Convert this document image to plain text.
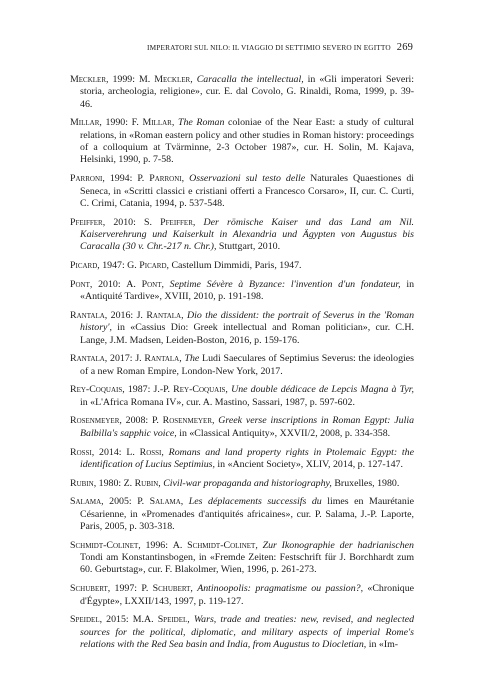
IMPERATORI SUL NILO: IL VIAGGIO DI SETTIMIO SEVERO IN EGITTO 269

Meckler, 1999: M. Meckler, Caracalla the intellectual, in «Gli imperatori Severi: storia, archeologia, religione», cur. E. dal Covolo, G. Rinaldi, Roma, 1999, p. 39-46.

Millar, 1990: F. Millar, The Roman coloniae of the Near East: a study of cultural relations, in «Roman eastern policy and other studies in Roman history: proceedings of a colloquium at Tvärminne, 2-3 October 1987», cur. H. Solin, M. Kajava, Helsinki, 1990, p. 7-58.

Parroni, 1994: P. Parroni, Osservazioni sul testo delle Naturales Quaestiones di Seneca, in «Scritti classici e cristiani offerti a Francesco Corsaro», II, cur. C. Curti, C. Crimi, Catania, 1994, p. 537-548.

Pfeiffer, 2010: S. Pfeiffer, Der römische Kaiser und das Land am Nil. Kaiserverehrung und Kaiserkult in Alexandria und Ägypten von Augustus bis Caracalla (30 v. Chr.-217 n. Chr.), Stuttgart, 2010.

Picard, 1947: G. Picard, Castellum Dimmidi, Paris, 1947.

Pont, 2010: A. Pont, Septime Sévère à Byzance: l'invention d'un fondateur, in «Antiquité Tardive», XVIII, 2010, p. 191-198.

Rantala, 2016: J. Rantala, Dio the dissident: the portrait of Severus in the 'Roman history', in «Cassius Dio: Greek intellectual and Roman politician», cur. C.H. Lange, J.M. Madsen, Leiden-Boston, 2016, p. 159-176.

Rantala, 2017: J. Rantala, The Ludi Saeculares of Septimius Severus: the ideologies of a new Roman Empire, London-New York, 2017.

Rey-Coquais, 1987: J.-P. Rey-Coquais, Une double dédicace de Lepcis Magna à Tyr, in «L'Africa Romana IV», cur. A. Mastino, Sassari, 1987, p. 597-602.

Rosenmeyer, 2008: P. Rosenmeyer, Greek verse inscriptions in Roman Egypt: Julia Balbilla's sapphic voice, in «Classical Antiquity», XXVII/2, 2008, p. 334-358.

Rossi, 2014: L. Rossi, Romans and land property rights in Ptolemaic Egypt: the identification of Lucius Septimius, in «Ancient Society», XLIV, 2014, p. 127-147.

Rubin, 1980: Z. Rubin, Civil-war propaganda and historiography, Bruxelles, 1980.

Salama, 2005: P. Salama, Les déplacements successifs du limes en Maurétanie Césarienne, in «Promenades d'antiquités africaines», cur. P. Salama, J.-P. Laporte, Paris, 2005, p. 303-318.

Schmidt-Colinet, 1996: A. Schmidt-Colinet, Zur Ikonographie der hadrianischen Tondi am Konstantinsbogen, in «Fremde Zeiten: Festschrift für J. Borchhardt zum 60. Geburtstag», cur. F. Blakolmer, Wien, 1996, p. 261-273.

Schubert, 1997: P. Schubert, Antinoopolis: pragmatisme ou passion?, «Chronique d'Égypte», LXXII/143, 1997, p. 119-127.

Speidel, 2015: M.A. Speidel, Wars, trade and treaties: new, revised, and neglected sources for the political, diplomatic, and military aspects of imperial Rome's relations with the Red Sea basin and India, from Augustus to Diocletian, in «Im-
